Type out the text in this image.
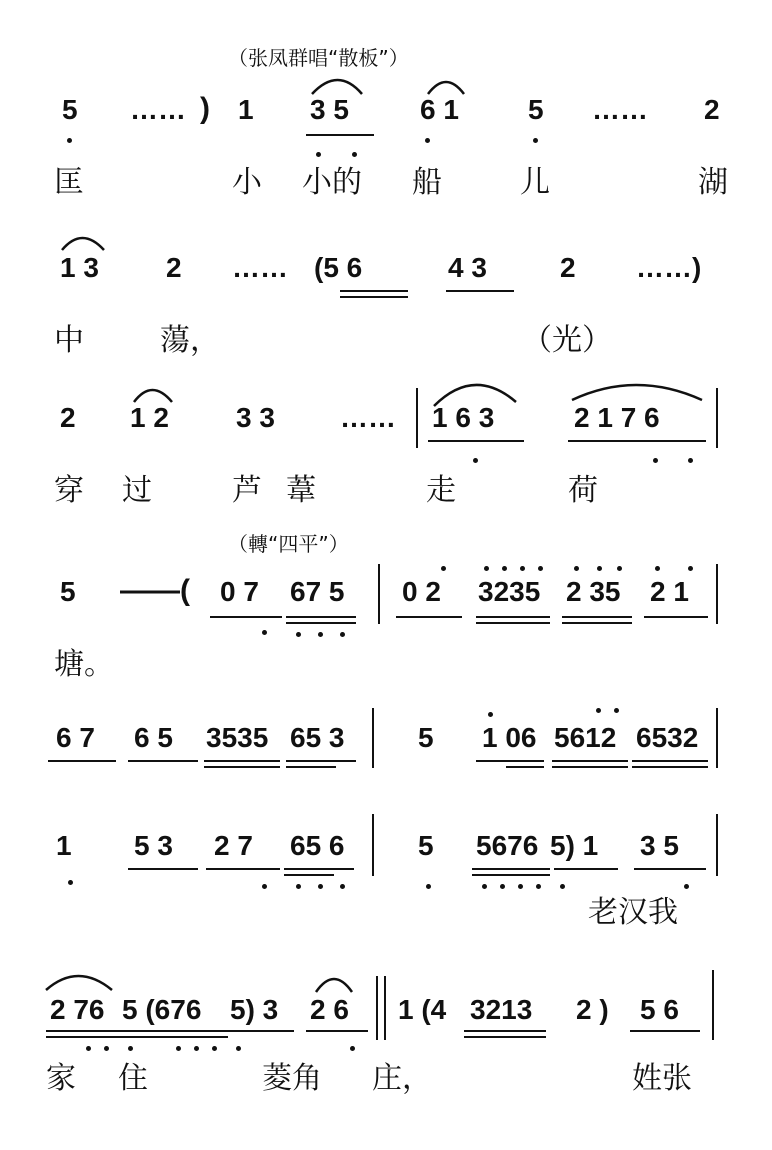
（张凤群唱“散板”）
（轉“四平”）
5 …… ) 1 3 5	6 1 5 …… 2
匡	小 小的 船	儿	湖
1 3 2 …… (5 6	4 3	2 ……)
中	蕩，	（光）
2 1 2 3 3 …… 1 6 3	2 1 7 6
穿 过	芦 葦	走	荷
5 ——( 0 7 67 5 0 2 3235 2 35 2 1
塘。
6 7 6 5 3535 65 3	5 1 06 5612 6532
1 5 3 2 7 65 6	5 5676 5) 1 3 5
老汉我
2 76 5 (676 5) 3 2 6 1 (4 3213 2 ) 5 6
家 住	菱角 庄，	姓张
